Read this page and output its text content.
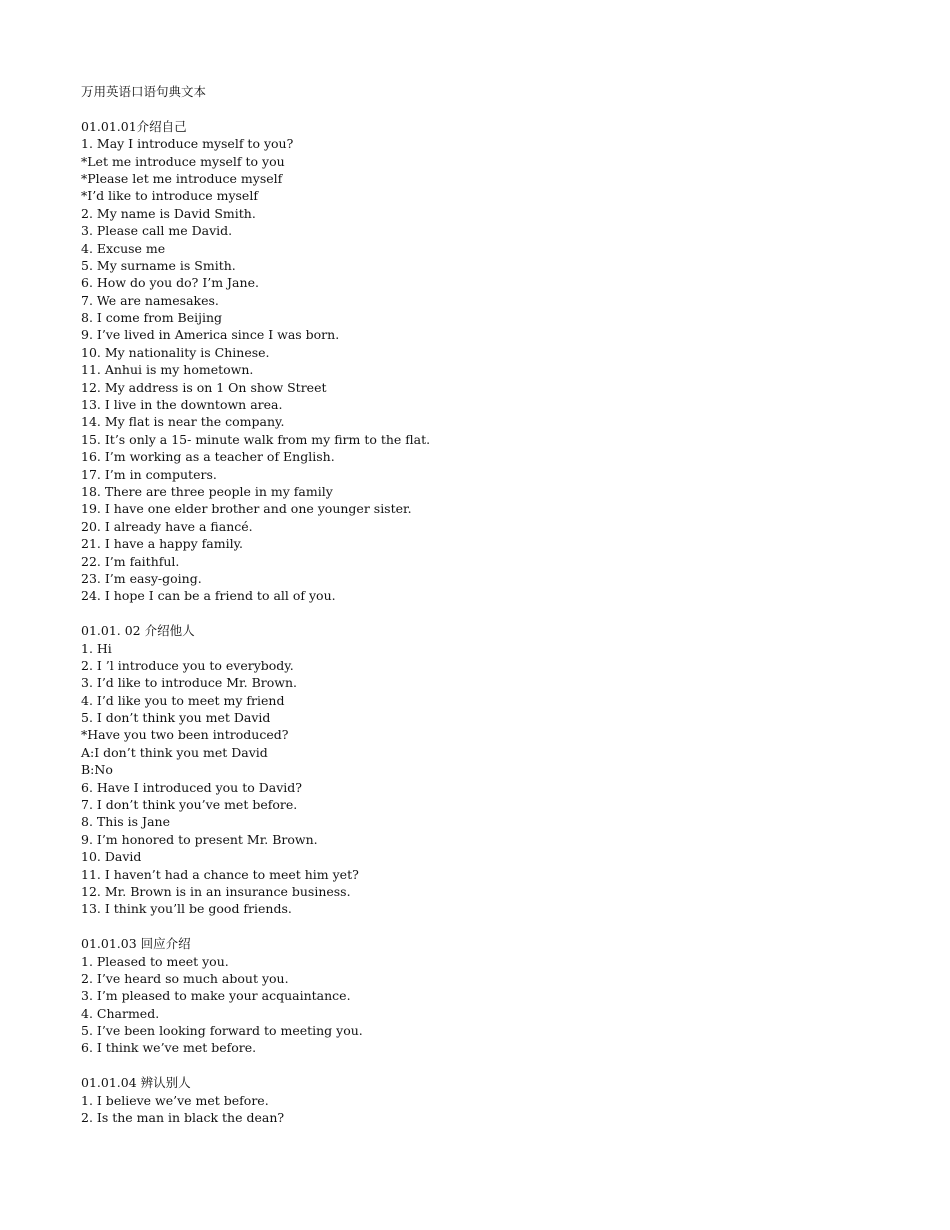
万用英语口语句典文本
01.01.01介绍自己
1. May I introduce myself to you?
*Let me introduce myself to you
*Please let me introduce myself
*I’d like to introduce myself
2. My name is David Smith.
3. Please call me David.
4. Excuse me
5. My surname is Smith.
6. How do you do? I’m Jane.
7. We are namesakes.
8. I come from Beijing
9. I’ve lived in America since I was born.
10. My nationality is Chinese.
11. Anhui is my hometown.
12. My address is on 1 On show Street
13. I live in the downtown area.
14. My flat is near the company.
15. It’s only a 15- minute walk from my firm to the flat.
16. I’m working as a teacher of English.
17. I’m in computers.
18. There are three people in my family
19. I have one elder brother and one younger sister.
20. I already have a fiancé.
21. I have a happy family.
22. I’m faithful.
23. I’m easy-going.
24. I hope I can be a friend to all of you.
01.01. 02 介绍他人
1. Hi
2. I ’l introduce you to everybody.
3. I’d like to introduce Mr. Brown.
4. I’d like you to meet my friend
5. I don’t think you met David
*Have you two been introduced?
A:I don’t think you met David
B:No
6. Have I introduced you to David?
7. I don’t think you’ve met before.
8. This is Jane
9. I’m honored to present Mr. Brown.
10. David
11. I haven’t had a chance to meet him yet?
12. Mr. Brown is in an insurance business.
13. I think you’ll be good friends.
01.01.03 回应介绍
1. Pleased to meet you.
2. I’ve heard so much about you.
3. I’m pleased to make your acquaintance.
4. Charmed.
5. I’ve been looking forward to meeting you.
6. I think we’ve met before.
01.01.04 辨认别人
1. I believe we’ve met before.
2. Is the man in black the dean?
